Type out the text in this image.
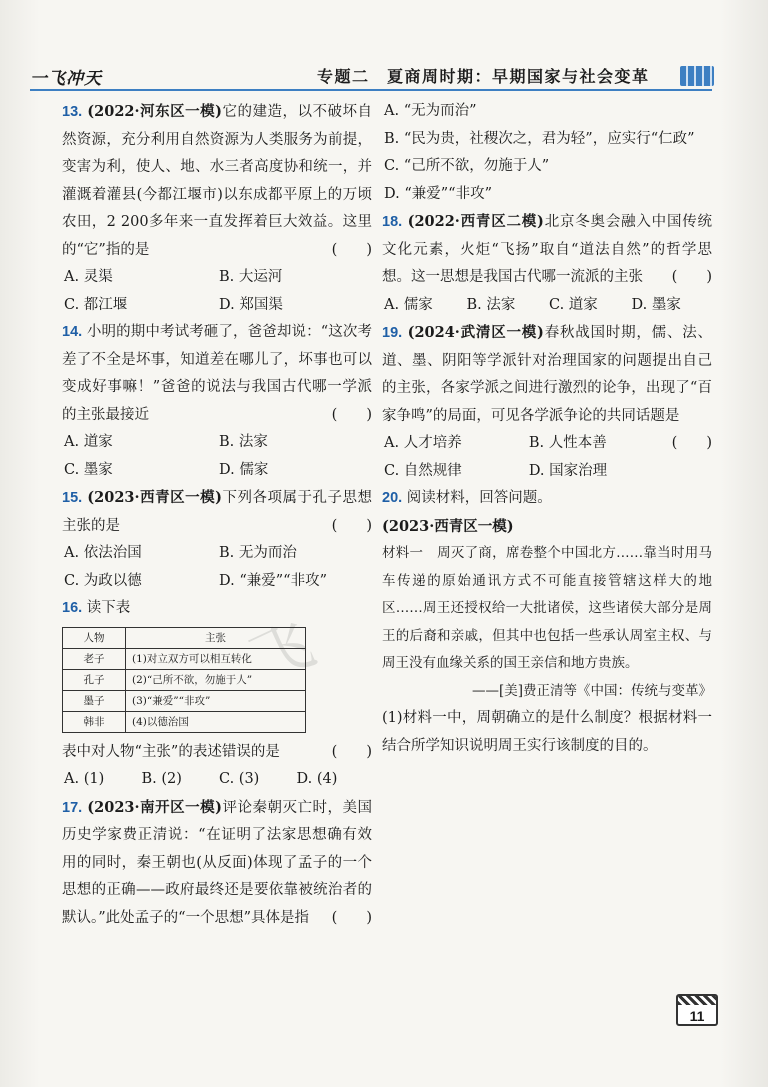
一飞冲天	专题二　夏商周时期：早期国家与社会变革
飞
13. (2022·河东区一模)它的建造，以不破坏自然资源，充分利用自然资源为人类服务为前提，变害为利，使人、地、水三者高度协和统一，并灌溉着灌县(今都江堰市)以东成都平原上的万顷农田，2 200多年来一直发挥着巨大效益。这里的“它”指的是	(　　)
A. 灵渠	B. 大运河
C. 都江堰	D. 郑国渠
14. 小明的期中考试考砸了，爸爸却说：“这次考差了不全是坏事，知道差在哪儿了，坏事也可以变成好事嘛！”爸爸的说法与我国古代哪一学派的主张最接近	(　　)
A. 道家	B. 法家
C. 墨家	D. 儒家
15. (2023·西青区一模)下列各项属于孔子思想主张的是	(　　)
A. 依法治国	B. 无为而治
C. 为政以德	D. “兼爱”“非攻”
16. 读下表
人物	主张
老子	(1)对立双方可以相互转化
孔子	(2)“己所不欲，勿施于人”
墨子	(3)“兼爱”“非攻”
韩非	(4)以德治国
表中对人物“主张”的表述错误的是	(　　)
A. (1)	B. (2)	C. (3)	D. (4)
17. (2023·南开区一模)评论秦朝灭亡时，美国历史学家费正清说：“在证明了法家思想确有效用的同时，秦王朝也(从反面)体现了孟子的一个思想的正确——政府最终还是要依靠被统治者的默认。”此处孟子的“一个思想”具体是指 (　　)
A. “无为而治”
B. “民为贵，社稷次之，君为轻”，应实行“仁政”
C. “己所不欲，勿施于人”
D. “兼爱”“非攻”
18. (2022·西青区二模)北京冬奥会融入中国传统文化元素，火炬“飞扬”取自“道法自然”的哲学思想。这一思想是我国古代哪一流派的主张 (　　)
A. 儒家	B. 法家	C. 道家	D. 墨家
19. (2024·武清区一模)春秋战国时期，儒、法、道、墨、阴阳等学派针对治理国家的问题提出自己的主张，各家学派之间进行激烈的论争，出现了“百家争鸣”的局面，可见各学派争论的共同话题是
(　　)
A. 人才培养	B. 人性本善
C. 自然规律	D. 国家治理
20. 阅读材料，回答问题。
(2023·西青区一模)
材料一　周灭了商，席卷整个中国北方……靠当时用马车传递的原始通讯方式不可能直接管辖这样大的地区……周王还授权给一大批诸侯，这些诸侯大部分是周王的后裔和亲戚，但其中也包括一些承认周室主权、与周王没有血缘关系的国王亲信和地方贵族。
——[美]费正清等《中国：传统与变革》
(1)材料一中，周朝确立的是什么制度？根据材料一结合所学知识说明周王实行该制度的目的。
11
